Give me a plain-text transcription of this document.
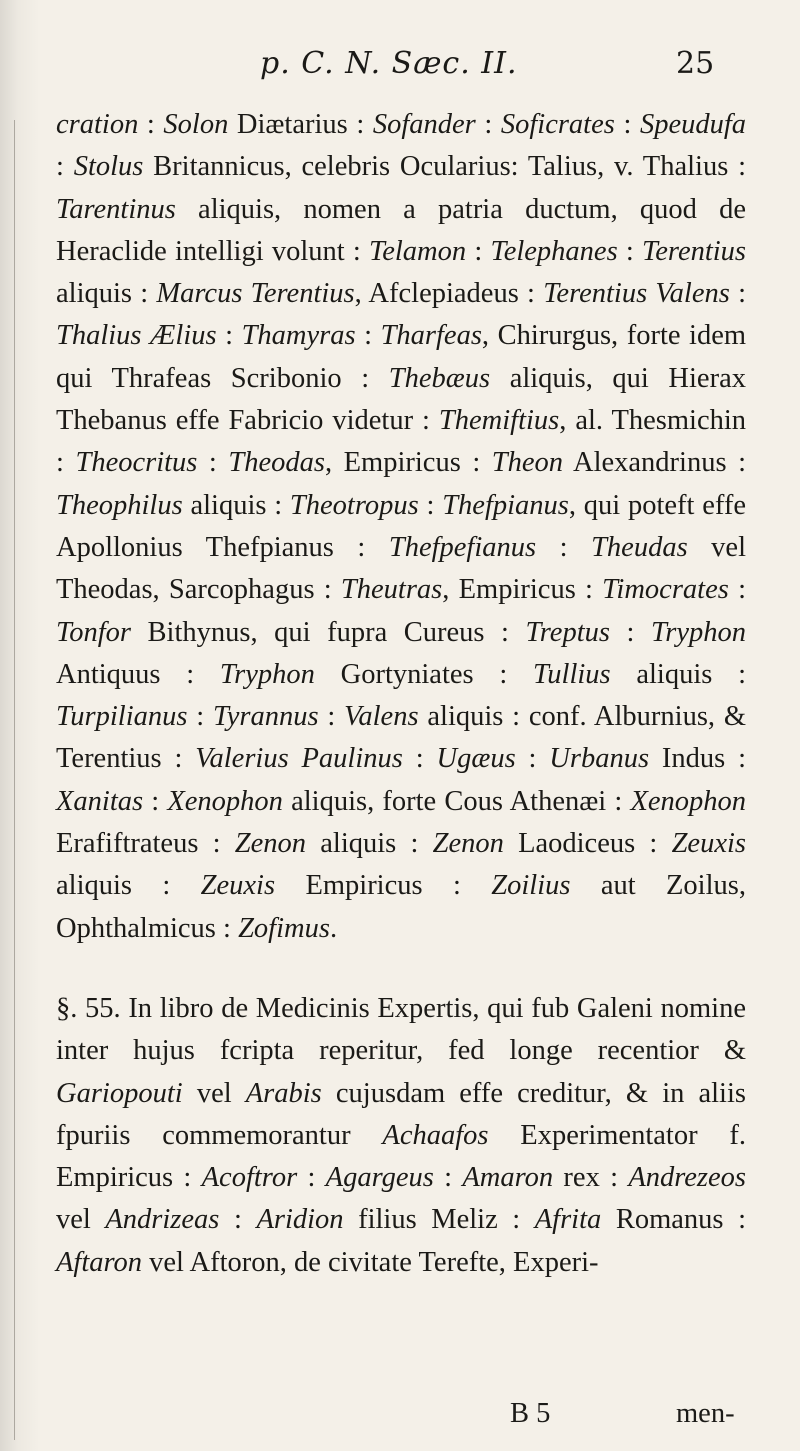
p. C. N. Sæc. II.	25

cration : Solon Diætarius : Sofander : Soficrates : Speudufa : Stolus Britannicus, celebris Ocularius: Talius, v. Thalius : Tarentinus aliquis, nomen a patria ductum, quod de Heraclide intelligi volunt : Telamon : Telephanes : Terentius aliquis : Marcus Terentius, Afclepiadeus : Terentius Valens : Thalius Ælius : Thamyras : Tharfeas, Chirurgus, forte idem qui Thrafeas Scribonio : Thebæus aliquis, qui Hierax Thebanus effe Fabricio videtur : Themiftius, al. Thesmichin : Theocritus : Theodas, Empiricus : Theon Alexandrinus : Theophilus aliquis : Theotropus : Thefpianus, qui poteft effe Apollonius Thefpianus : Thefpefianus : Theudas vel Theodas, Sarcophagus : Theutras, Empiricus : Timocrates : Tonfor Bithynus, qui fupra Cureus : Treptus : Tryphon Antiquus : Tryphon Gortyniates : Tullius aliquis : Turpilianus : Tyrannus : Valens aliquis : conf. Alburnius, & Terentius : Valerius Paulinus : Ugæus : Urbanus Indus : Xanitas : Xenophon aliquis, forte Cous Athenæi : Xenophon Erafiftrateus : Zenon aliquis : Zenon Laodiceus : Zeuxis aliquis : Zeuxis Empiricus : Zoilius aut Zoilus, Ophthalmicus : Zofimus.

§. 55. In libro de Medicinis Expertis, qui fub Galeni nomine inter hujus fcripta reperitur, fed longe recentior & Gariopouti vel Arabis cujusdam effe creditur, & in aliis fpuriis commemorantur Achaafos Experimentator f. Empiricus : Acoftror : Agargeus : Amaron rex : Andrezeos vel Andrizeas : Aridion filius Meliz : Afrita Romanus : Aftaron vel Aftoron, de civitate Terefte, Experi-

B 5	men-
